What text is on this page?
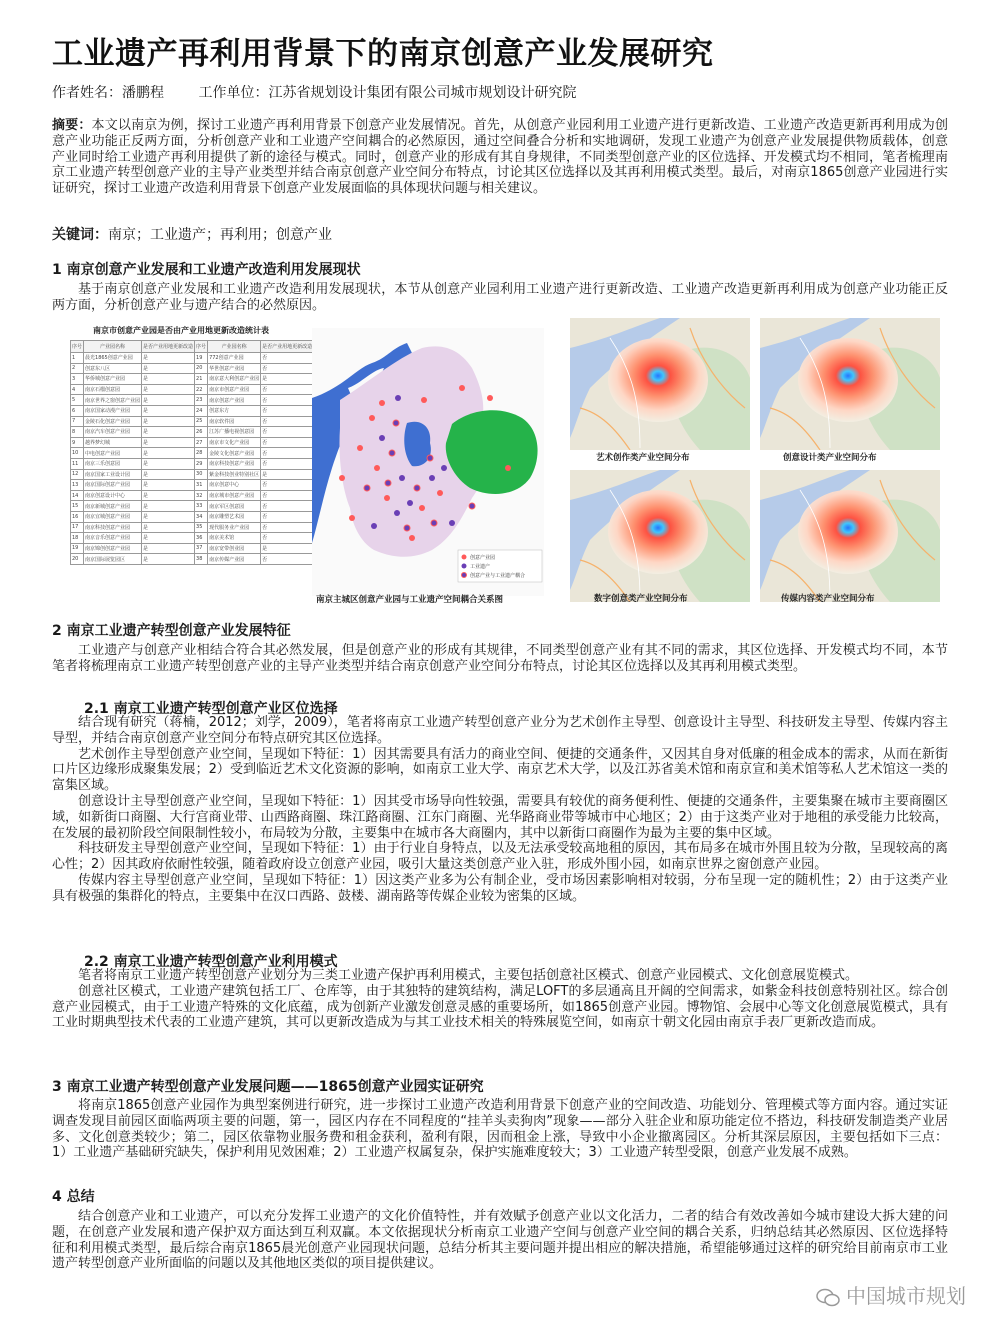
工业遗产再利用背景下的南京创意产业发展研究
作者姓名：潘鹏程 工作单位：江苏省规划设计集团有限公司城市规划设计研究院

摘要：本文以南京为例，探讨工业遗产再利用背景下创意产业发展情况。首先，从创意产业园利用工业遗产进行更新改造、工业遗产改造更新再利用成为创意产业功能正反两方面，分析创意产业和工业遗产空间耦合的必然原因，通过空间叠合分析和实地调研，发现工业遗产为创意产业发展提供物质载体，创意产业同时给工业遗产再利用提供了新的途径与模式。同时，创意产业的形成有其自身规律，不同类型创意产业的区位选择、开发模式均不相同，笔者梳理南京工业遗产转型创意产业的主导产业类型并结合南京创意产业空间分布特点，讨论其区位选择以及其再利用模式类型。最后，对南京1865创意产业园进行实证研究，探讨工业遗产改造利用背景下创意产业发展面临的具体现状问题与相关建议。

关键词：南京；工业遗产；再利用；创意产业

1 南京创意产业发展和工业遗产改造利用发展现状

基于南京创意产业发展和工业遗产改造利用发展现状，本节从创意产业园利用工业遗产进行更新改造、工业遗产改造更新再利用成为创意产业功能正反两方面，分析创意产业与遗产结合的必然原因。

南京市创意产业园是否由产业用地更新改造统计表
序号	产业园名称	是否产业用地更新改造	序号	产业园名称	是否产业用地更新改造
1	晨光1865创意产业园	是	19	772创意产业园	否
2	创意东八区	是	20	华世创意产业园	否
3	华侨城创意产业园	是	21	南京意大利创意产业园	是
4	南京石榴创意园	是	22	南京市创意产业园	否
5	南京世界之窗创意产业园	是	23	南京创意产业园	否
6	南京国家动漫产业园	是	24	创意东方	否
7	金陵石化创意产业园	是	25	南京软件园	否
8	南京汽车创意产业园	是	26	江苏广播电视创意园	否
9	越界梦幻城	是	27	南京市文化产业园	否
10	中电创意产业园	是	28	金陵文化创意产业园	否
11	南京三乐创意园	是	29	南京科技创意产业园	否
12	南京国家工业设计园	是	30	紫金科技创业特别社区	是
13	南京国际创意产业园	是	31	南京创意中心	否
14	南京创意设计中心	是	32	南京城市创意产业园	否
15	南京新城创意产业园	是	33	南京军区创意园	否
16	南京宜城创意产业园	是	34	南京雕塑艺术园	否
17	南京科技创意产业园	是	35	现代服务业产业园	否
18	南京音乐创意产业园	是	36	南京美术馆	否
19	南京锦创创意产业园	是	37	南京宽带创业园	是
20	南京国际展览园区	是	38	南京传媒产业园	否	创意产业园
工业遗产
创意产业与工业遗产耦合
南京主城区创意产业园与工业遗产空间耦合关系图
艺术创作类产业空间分布	创意设计类产业空间分布
数字创意类产业空间分布	传媒内容类产业空间分布
2 南京工业遗产转型创意产业发展特征

工业遗产与创意产业相结合符合其必然发展，但是创意产业的形成有其规律，不同类型创意产业有其不同的需求，其区位选择、开发模式均不同，本节笔者将梳理南京工业遗产转型创意产业的主导产业类型并结合南京创意产业空间分布特点，讨论其区位选择以及其再利用模式类型。

2.1 南京工业遗产转型创意产业区位选择

结合现有研究（蒋楠，2012；刘学，2009），笔者将南京工业遗产转型创意产业分为艺术创作主导型、创意设计主导型、科技研发主导型、传媒内容主导型，并结合南京创意产业空间分布特点研究其区位选择。

艺术创作主导型创意产业空间，呈现如下特征：1）因其需要具有活力的商业空间、便捷的交通条件，又因其自身对低廉的租金成本的需求，从而在新街口片区边缘形成聚集发展；2）受到临近艺术文化资源的影响，如南京工业大学、南京艺术大学，以及江苏省美术馆和南京宣和美术馆等私人艺术馆这一类的富集区域。

创意设计主导型创意产业空间，呈现如下特征：1）因其受市场导向性较强，需要具有较优的商务便利性、便捷的交通条件，主要集聚在城市主要商圈区域，如新街口商圈、大行宫商业带、山西路商圈、珠江路商圈、江东门商圈、光华路商业带等城市中心地区；2）由于这类产业对于地租的承受能力比较高，在发展的最初阶段空间限制性较小，布局较为分散，主要集中在城市各大商圈内，其中以新街口商圈作为最为主要的集中区域。

科技研发主导型创意产业空间，呈现如下特征：1）由于行业自身特点，以及无法承受较高地租的原因，其布局多在城市外围且较为分散，呈现较高的离心性；2）因其政府依耐性较强，随着政府设立创意产业园，吸引大量这类创意产业入驻，形成外围小园，如南京世界之窗创意产业园。

传媒内容主导型创意产业空间，呈现如下特征：1）因这类产业多为公有制企业，受市场因素影响相对较弱，分布呈现一定的随机性；2）由于这类产业具有极强的集群化的特点，主要集中在汉口西路、鼓楼、湖南路等传媒企业较为密集的区域。

2.2 南京工业遗产转型创意产业利用模式

笔者将南京工业遗产转型创意产业划分为三类工业遗产保护再利用模式，主要包括创意社区模式、创意产业园模式、文化创意展览模式。

创意社区模式，工业遗产建筑包括工厂、仓库等，由于其独特的建筑结构，满足LOFT的多层通高且开阔的空间需求，如紫金科技创意特别社区。综合创意产业园模式，由于工业遗产特殊的文化底蕴，成为创新产业激发创意灵感的重要场所，如1865创意产业园。博物馆、会展中心等文化创意展览模式，具有工业时期典型技术代表的工业遗产建筑，其可以更新改造成为与其工业技术相关的特殊展览空间，如南京十朝文化园由南京手表厂更新改造而成。

3 南京工业遗产转型创意产业发展问题——1865创意产业园实证研究

将南京1865创意产业园作为典型案例进行研究，进一步探讨工业遗产改造利用背景下创意产业的空间改造、功能划分、管理模式等方面内容。通过实证调查发现目前园区面临两项主要的问题，第一，园区内存在不同程度的“挂羊头卖狗肉”现象——部分入驻企业和原功能定位不搭边，科技研发制造类产业居多、文化创意类较少；第二，园区依靠物业服务费和租金获利，盈利有限，因而租金上涨，导致中小企业撤离园区。分析其深层原因，主要包括如下三点：1）工业遗产基础研究缺失，保护利用见效困难；2）工业遗产权属复杂，保护实施难度较大；3）工业遗产转型受限，创意产业发展不成熟。

4 总结

结合创意产业和工业遗产，可以充分发挥工业遗产的文化价值特性，并有效赋予创意产业以文化活力，二者的结合有效改善如今城市建设大拆大建的问题，在创意产业发展和遗产保护双方面达到互利双赢。本文依据现状分析南京工业遗产空间与创意产业空间的耦合关系，归纳总结其必然原因、区位选择特征和利用模式类型，最后综合南京1865晨光创意产业园现状问题，总结分析其主要问题并提出相应的解决措施，希望能够通过这样的研究给目前南京市工业遗产转型创意产业所面临的问题以及其他地区类似的项目提供建议。

中国城市规划
